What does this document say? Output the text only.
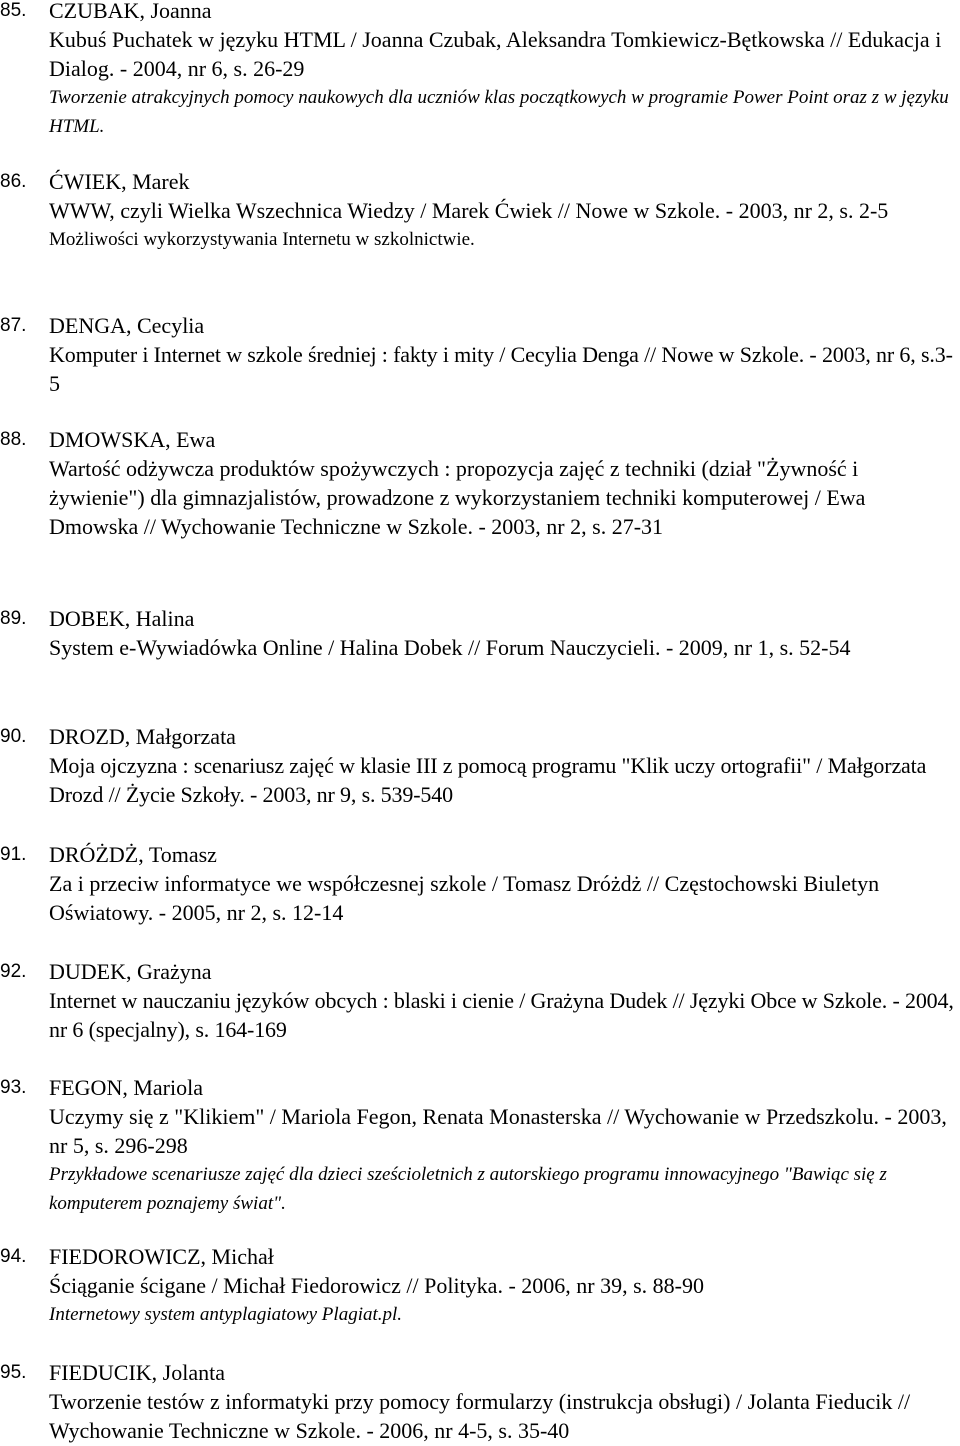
85.	CZUBAK, Joanna
Kubuś Puchatek w języku HTML / Joanna Czubak, Aleksandra Tomkiewicz-Bętkowska // Edukacja i Dialog. - 2004, nr 6, s. 26-29
Tworzenie atrakcyjnych pomocy naukowych dla uczniów klas początkowych w programie Power Point oraz z w języku HTML.
86.	ĆWIEK, Marek
WWW, czyli Wielka Wszechnica Wiedzy / Marek Ćwiek // Nowe w Szkole. - 2003, nr 2, s. 2-5
Możliwości wykorzystywania Internetu w szkolnictwie.
87.	DENGA, Cecylia
Komputer i Internet w szkole średniej : fakty i mity / Cecylia Denga // Nowe w Szkole. - 2003, nr 6, s.3-5
88.	DMOWSKA, Ewa
Wartość odżywcza produktów spożywczych : propozycja zajęć z techniki (dział "Żywność i żywienie") dla gimnazjalistów, prowadzone z wykorzystaniem techniki komputerowej / Ewa Dmowska // Wychowanie Techniczne w Szkole. - 2003, nr 2, s. 27-31
89.	DOBEK, Halina
System e-Wywiadówka Online / Halina Dobek // Forum Nauczycieli. - 2009, nr 1, s. 52-54
90.	DROZD, Małgorzata
Moja ojczyzna : scenariusz zajęć w klasie III z pomocą programu "Klik uczy ortografii" / Małgorzata Drozd // Życie Szkoły. - 2003, nr 9, s. 539-540
91.	DRÓŻDŻ, Tomasz
Za i przeciw informatyce we współczesnej szkole / Tomasz Dróżdż // Częstochowski Biuletyn Oświatowy. - 2005, nr 2, s. 12-14
92.	DUDEK, Grażyna
Internet w nauczaniu języków obcych : blaski i cienie / Grażyna Dudek // Języki Obce w Szkole. - 2004, nr 6 (specjalny), s. 164-169
93.	FEGON, Mariola
Uczymy się z "Klikiem" / Mariola Fegon, Renata Monasterska // Wychowanie w Przedszkolu. - 2003, nr 5, s. 296-298
Przykładowe scenariusze zajęć dla dzieci sześcioletnich z autorskiego programu innowacyjnego "Bawiąc się z komputerem poznajemy świat".
94.	FIEDOROWICZ, Michał
Ściąganie ścigane / Michał Fiedorowicz // Polityka. - 2006, nr 39, s. 88-90
Internetowy system antyplagiatowy Plagiat.pl.
95.	FIEDUCIK, Jolanta
Tworzenie testów z informatyki przy pomocy formularzy (instrukcja obsługi) / Jolanta Fieducik // Wychowanie Techniczne w Szkole. - 2006, nr 4-5, s. 35-40
